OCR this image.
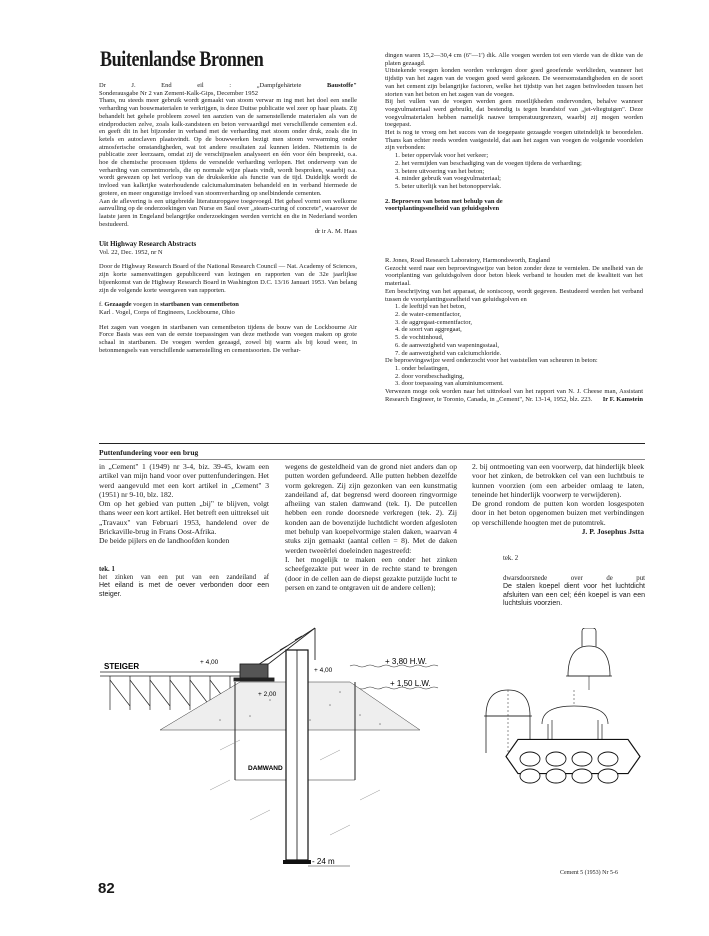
Buitenlandse Bronnen
Dr	J.	End	eil	:	„Dampfgehärtete	Baustoffe"

Sonderausgabe Nr 2 van Zement-Kalk-Gips, December 1952

Thans, nu steeds meer gebruik wordt gemaakt van stoom verwar m ing met het doel een snelle verharding van bouwmaterialen te verkrijgen, is deze Duitse publicatie wel zeer op haar plaats. Zij behandelt het gehele probleem zowel ten aanzien van de samenstellende materialen als van de eindproducten zelve, zoals kalk-zandsteen en beton vervaardigd met verschillende cementen e.d. en geeft dit in het bijzonder in verband met de verharding met stoom onder druk, zoals die in ketels en autoclaven plaatsvindt. Op de bouwwerken bezigt men stoom verwarming onder atmosferische omstandigheden, wat tot andere resultaten zal kunnen leiden. Niettemin is de publicatie zeer leerzaam, omdat zij de verschijnselen analyseert en één voor één bespreekt, o.a. hoe de chemische processen tijdens de versnelde verharding verlopen. Het onderwerp van de verharding van cementmortels, die op normale wijze plaats vindt, wordt besproken, waarbij o.a. wordt gewezen op het verloop van de drukskerkte als functie van de tijd. Duidelijk wordt de invloed van kalkrijke waterhoudende calciumaluminaten behandeld en in verband hiermede de grotere, en meer ongunstige invloed van stoomverharding op snelbindende cementen.

Aan de aflevering is een uitgebreide literatuuropgave toegevoegd. Het geheel vormt een welkome aanvulling op de onderzoekingen van Nurse en Saul over „steam-curing of concrete", waarover de laatste jaren in Engeland belangrijke onderzoekingen werden verricht en die in Nederland worden bestudeerd.

dr ir A. M. Haas

Uit Highway Research Abstracts

Vol. 22, Dec. 1952, nr N

Door de Highway Research Board of the National Research Council — Nat. Academy of Sciences, zijn korte samenvattingen gepubliceerd van lezingen en rapporten van de 32e jaarlijkse bijeenkomst van de Highway Research Board in Washington D.C. 13/16 Januari 1953. Van belang zijn de volgende korte weergaven van rapporten.

f. Gezaagde voegen in startbanen van cementbeton

Karl . Vogel, Corps of Engineers, Lockbourne, Ohio

Het zagen van voegen in startbanen van cementbeton tijdens de bouw van de Lockbourne Air Force Basis was een van de eerste toepassingen van deze methode van voegen maken op grote schaal in startbanen. De voegen werden gezaagd, zowel bij warm als bij koud weer, in betonmengsels van verschillende samenstelling en cementsoorten. De verhar-

dingen waren 15,2—30,4 cm (6"—1') dik. Alle voegen werden tot een vierde van de dikte van de platen gezaagd.

Uitstekende voegen konden worden verkregen door goed geoefende werklieden, wanneer het tijdstip van het zagen van de voegen goed werd gekozen. De weersomstandigheden en de soort van het cement zijn belangrijke factoren, welke het tijdstip van het zagen beïnvloeden tussen het storten van het beton en het zagen van de voegen.

Bij het vullen van de voegen werden geen moeilijkheden ondervonden, behalve wanneer voegvulmateriaal werd gebruikt, dat bestendig is tegen brandstof van „jet-vliegtuigen". Deze voegvulmaterialen hebben namelijk nauwe temperatuurgrenzen, waarbij zij mogen worden toegepast.

Het is nog te vroeg om het succes van de toegepaste gezaagde voegen uiteindelijk te beoordelen. Thans kan echter reeds worden vastgesteld, dat aan het zagen van voegen de volgende voordelen zijn verbonden:

1. beter oppervlak voor het verkeer;
2. het vermijden van beschadiging van de voegen tijdens de verharding;
3. betere uitvoering van het beton;
4. minder gebruik van voegvulmateriaal;
5. beter uiterlijk van het betonoppervlak.

2. Beproeven van beton met behulp van de voortplantingssnelheid van geluidsgolven

R. Jones, Road Research Laboratory, Harmondsworth, England

Gezocht werd naar een beproevingswijze van beton zonder deze te vernielen. De snelheid van de voortplanting van geluidsgolven door beton bleek verband te houden met de kwaliteit van het materiaal.

Een beschrijving van het apparaat, de soniscoop, wordt gegeven. Bestudeerd werden het verband tussen de voortplantingssnelheid van geluidsgolven en

1. de leeftijd van het beton,
2. de water-cementfactor,
3. de aggregaat-cementfactor,
4. de soort van aggregaat,
5. de vochtinhoud,
6. de aanwezigheid van wapeningsstaal,
7. de aanwezigheid van calciumchloride.

De beproevingswijze werd onderzocht voor het vaststellen van scheuren in beton:

1. onder belastingen,
2. door vorstbeschadiging,
3. door toepassing van aluminiumcement.

Verwezen moge ook worden naar het uittreksel van het rapport van N. J. Cheese man, Assistant Research Engineer, te Toronto, Canada, in „Cement", Nr. 13-14, 1952, blz. 223.	Ir F. Kamstein

Puttenfundering voor een brug

in „Cement" 1 (1949) nr 3-4, biz. 39-45, kwam een artikel van mijn hand voor over puttenfunderingen. Het werd aangevuld met een kort artikel in „Cement" 3 (1951) nr 9-10, blz. 182.

Om op het gebied van putten „bij" te blijven, volgt thans weer een kort artikel. Het betreft een uittreksel uit „Travaux" van Februari 1953, handelend over de Brickaville-brug in Frans Oost-Afrika.

De beide pijlers en de landhoofden konden

wegens de gesteldheid van de grond niet anders dan op putten worden gefundeerd. Alle putten hebben dezelfde vorm gekregen. Zij zijn gezonken van een kunstmatig zandeiland af, dat begrensd werd dooreen ringvormige afheiing van stalen damwand (tek. I). De putcellen hebben een ronde doorsnede verkregen (tek. 2). Zij konden aan de bovenzijde luchtdicht worden afgesloten met behulp van koepelvormige stalen daken, waarvan 4 stuks zijn gemaakt (aantal cellen = 8). Met de daken werden tweeërlei doeleinden nagestreefd:

I. het mogelijk te maken een onder het zinken scheefgezakte put weer in de rechte stand te brengen (door in de cellen aan de diepst gezakte putzijde lucht te persen en zand te ontgraven uit de andere cellen);

2. bij ontmoeting van een voorwerp, dat hinderlijk bleek voor het zinken, de betrokken cel van een luchtbuis te kunnen voorzien (om een arbeider omlaag te laten, teneinde het hinderlijk voorwerp te verwijderen).

De grond rondom de putten kon worden losgespoten door in het beton opgenomen buizen met verbindingen op verschillende hoogten met de putomtrek.

J. P. Josephus Jstta

tek. 1
het zinken van een put van een zandeiland af
Het eiland is met de oever verbonden door een steiger.
tek. 2
dwarsdoorsnede over de put
De stalen koepel dient voor het luchtdicht afsluiten van een cel; één koepel is van een luchtsluis voorzien.
+ 3,80 H.W.
+ 1,50 L.W.
STEIGER	+ 4,00
+ 4,00
+ 2,00
DAMWAND
- 24 m
Cement 5 (1953) Nr 5-6
82
